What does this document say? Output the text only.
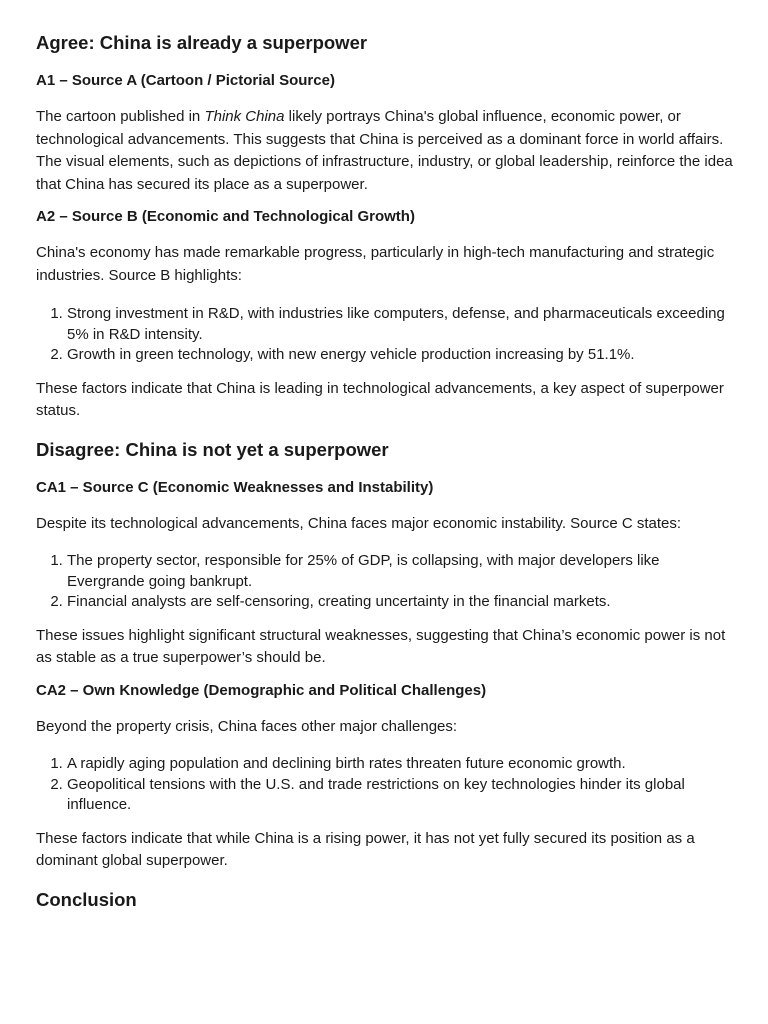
Agree: China is already a superpower
A1 – Source A (Cartoon / Pictorial Source)

The cartoon published in Think China likely portrays China's global influence, economic power, or technological advancements. This suggests that China is perceived as a dominant force in world affairs. The visual elements, such as depictions of infrastructure, industry, or global leadership, reinforce the idea that China has secured its place as a superpower.

A2 – Source B (Economic and Technological Growth)

China's economy has made remarkable progress, particularly in high-tech manufacturing and strategic industries. Source B highlights:

1. Strong investment in R&D, with industries like computers, defense, and pharmaceuticals exceeding 5% in R&D intensity.
2. Growth in green technology, with new energy vehicle production increasing by 51.1%.

These factors indicate that China is leading in technological advancements, a key aspect of superpower status.

Disagree: China is not yet a superpower
CA1 – Source C (Economic Weaknesses and Instability)

Despite its technological advancements, China faces major economic instability. Source C states:

1. The property sector, responsible for 25% of GDP, is collapsing, with major developers like Evergrande going bankrupt.
2. Financial analysts are self-censoring, creating uncertainty in the financial markets.

These issues highlight significant structural weaknesses, suggesting that China’s economic power is not as stable as a true superpower’s should be.

CA2 – Own Knowledge (Demographic and Political Challenges)

Beyond the property crisis, China faces other major challenges:

1. A rapidly aging population and declining birth rates threaten future economic growth.
2. Geopolitical tensions with the U.S. and trade restrictions on key technologies hinder its global influence.

These factors indicate that while China is a rising power, it has not yet fully secured its position as a dominant global superpower.

Conclusion
